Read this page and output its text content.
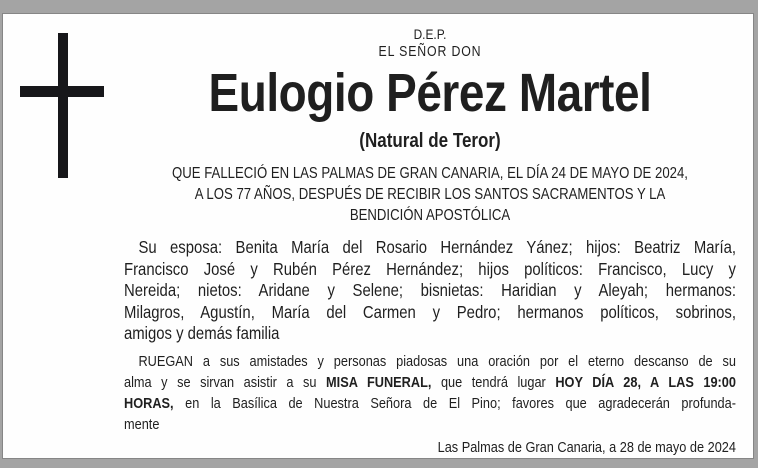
D.E.P.
EL SEÑOR DON
Eulogio Pérez Martel
(Natural de Teror)
QUE FALLECIÓ EN LAS PALMAS DE GRAN CANARIA, EL DÍA 24 DE MAYO DE 2024,
A LOS 77 AÑOS, DESPUÉS DE RECIBIR LOS SANTOS SACRAMENTOS Y LA
BENDICIÓN APOSTÓLICA
Su esposa: Benita María del Rosario Hernández Yánez; hijos: Beatriz María,
Francisco José y Rubén Pérez Hernández; hijos políticos: Francisco, Lucy y
Nereida; nietos: Aridane y Selene; bisnietas: Haridian y Aleyah; hermanos:
Milagros, Agustín, María del Carmen y Pedro; hermanos políticos, sobrinos,
amigos y demás familia
RUEGAN a sus amistades y personas piadosas una oración por el eterno descanso de su
alma y se sirvan asistir a su MISA FUNERAL, que tendrá lugar HOY DÍA 28, A LAS 19:00
HORAS, en la Basílica de Nuestra Señora de El Pino; favores que agradecerán profunda-
mente
Las Palmas de Gran Canaria, a 28 de mayo de 2024
